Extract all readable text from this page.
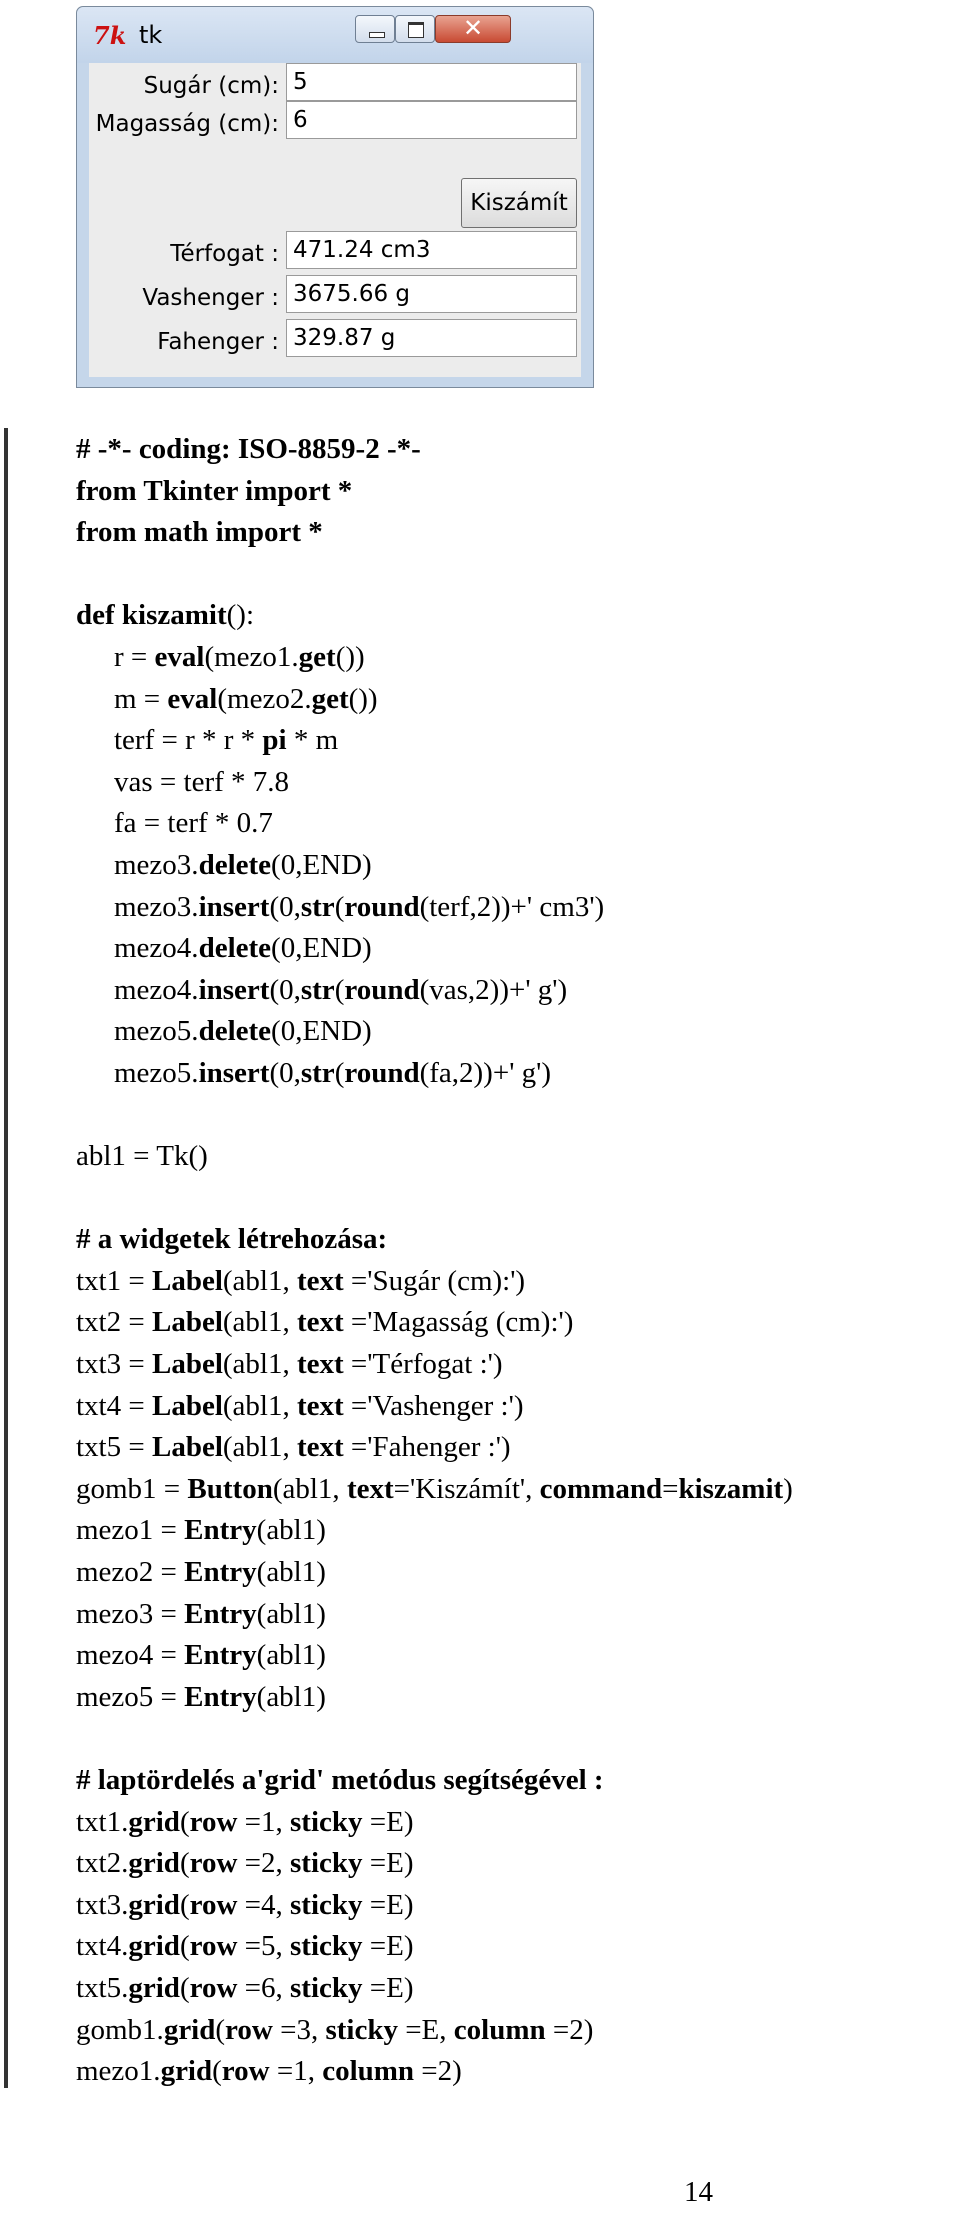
7k tk	✕
Sugár (cm): 5
Magasság (cm): 6
Kiszámít
Térfogat : 471.24 cm3
Vashenger : 3675.66 g
Fahenger : 329.87 g
# -*- coding: ISO-8859-2 -*-
from Tkinter import *
from math import *
def kiszamit():
r = eval(mezo1.get())
m = eval(mezo2.get())
terf = r * r * pi * m
vas = terf * 7.8
fa = terf * 0.7
mezo3.delete(0,END)
mezo3.insert(0,str(round(terf,2))+' cm3')
mezo4.delete(0,END)
mezo4.insert(0,str(round(vas,2))+' g')
mezo5.delete(0,END)
mezo5.insert(0,str(round(fa,2))+' g')
abl1 = Tk()
# a widgetek létrehozása:
txt1 = Label(abl1, text ='Sugár (cm):')
txt2 = Label(abl1, text ='Magasság (cm):')
txt3 = Label(abl1, text ='Térfogat :')
txt4 = Label(abl1, text ='Vashenger :')
txt5 = Label(abl1, text ='Fahenger :')
gomb1 = Button(abl1, text='Kiszámít', command=kiszamit)
mezo1 = Entry(abl1)
mezo2 = Entry(abl1)
mezo3 = Entry(abl1)
mezo4 = Entry(abl1)
mezo5 = Entry(abl1)
# laptördelés a'grid' metódus segítségével :
txt1.grid(row =1, sticky =E)
txt2.grid(row =2, sticky =E)
txt3.grid(row =4, sticky =E)
txt4.grid(row =5, sticky =E)
txt5.grid(row =6, sticky =E)
gomb1.grid(row =3, sticky =E, column =2)
mezo1.grid(row =1, column =2)
14
